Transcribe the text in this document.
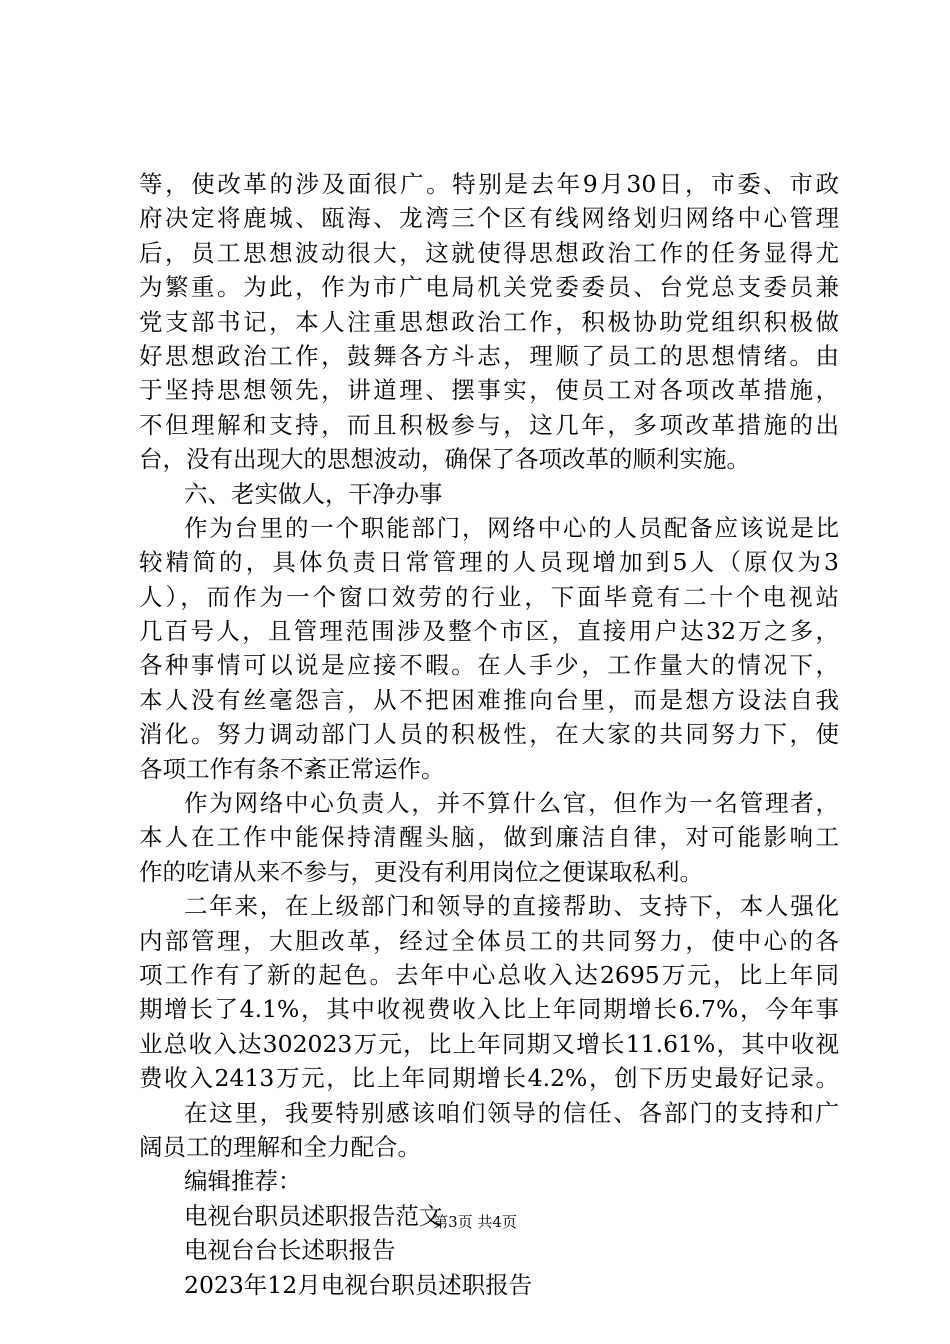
等，使改革的涉及面很广。特别是去年9月30日，市委、市政
府决定将鹿城、瓯海、龙湾三个区有线网络划归网络中心管理
后，员工思想波动很大，这就使得思想政治工作的任务显得尤
为繁重。为此，作为市广电局机关党委委员、台党总支委员兼
党支部书记，本人注重思想政治工作，积极协助党组织积极做
好思想政治工作，鼓舞各方斗志，理顺了员工的思想情绪。由
于坚持思想领先，讲道理、摆事实，使员工对各项改革措施，
不但理解和支持，而且积极参与，这几年，多项改革措施的出
台，没有出现大的思想波动，确保了各项改革的顺利实施。
六、老实做人，干净办事
作为台里的一个职能部门，网络中心的人员配备应该说是比
较精简的，具体负责日常管理的人员现增加到5人（原仅为3
人），而作为一个窗口效劳的行业，下面毕竟有二十个电视站
几百号人，且管理范围涉及整个市区，直接用户达32万之多，
各种事情可以说是应接不暇。在人手少，工作量大的情况下，
本人没有丝毫怨言，从不把困难推向台里，而是想方设法自我
消化。努力调动部门人员的积极性，在大家的共同努力下，使
各项工作有条不紊正常运作。
作为网络中心负责人，并不算什么官，但作为一名管理者，
本人在工作中能保持清醒头脑，做到廉洁自律，对可能影响工
作的吃请从来不参与，更没有利用岗位之便谋取私利。
二年来，在上级部门和领导的直接帮助、支持下，本人强化
内部管理，大胆改革，经过全体员工的共同努力，使中心的各
项工作有了新的起色。去年中心总收入达2695万元，比上年同
期增长了4.1%，其中收视费收入比上年同期增长6.7%，今年事
业总收入达302023万元，比上年同期又增长11.61%，其中收视
费收入2413万元，比上年同期增长4.2%，创下历史最好记录。
在这里，我要特别感该咱们领导的信任、各部门的支持和广
阔员工的理解和全力配合。
编辑推荐：
电视台职员述职报告范文
电视台台长述职报告
2023年12月电视台职员述职报告
第3页 共4页
